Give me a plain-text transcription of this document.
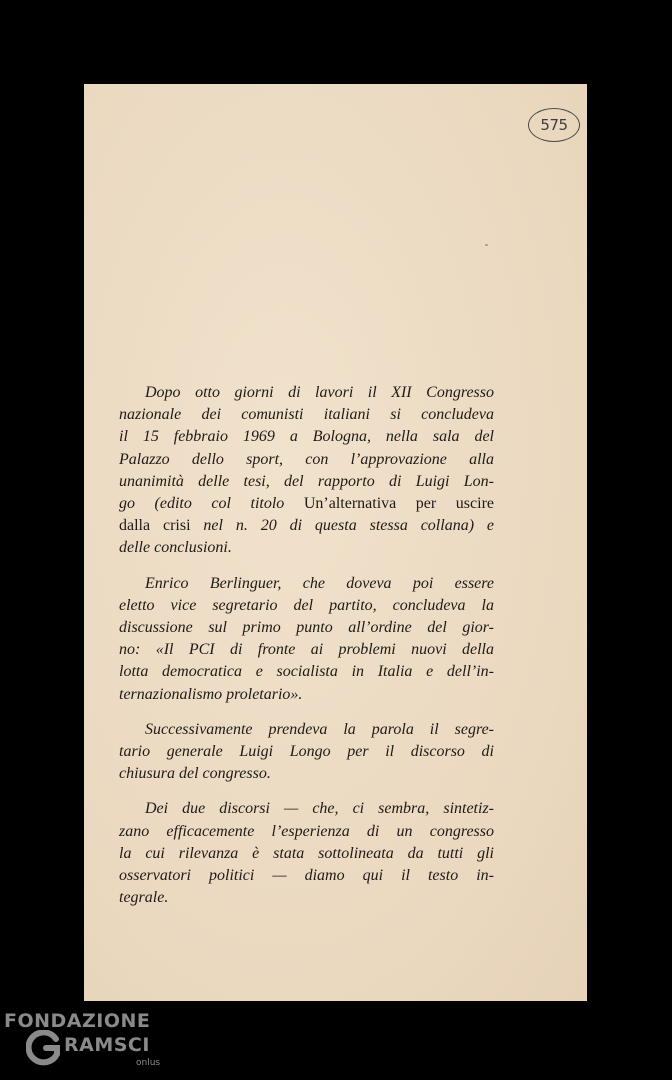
575

Dopo otto giorni di lavori il XII Congresso
nazionale dei comunisti italiani si concludeva
il 15 febbraio 1969 a Bologna, nella sala del
Palazzo dello sport, con l’approvazione alla
unanimità delle tesi, del rapporto di Luigi Lon-
go (edito col titolo Un’alternativa per uscire
dalla crisi nel n. 20 di questa stessa collana) e
delle conclusioni.

Enrico Berlinguer, che doveva poi essere
eletto vice segretario del partito, concludeva la
discussione sul primo punto all’ordine del gior-
no: «Il PCI di fronte ai problemi nuovi della
lotta democratica e socialista in Italia e dell’in-
ternazionalismo proletario».

Successivamente prendeva la parola il segre-
tario generale Luigi Longo per il discorso di
chiusura del congresso.

Dei due discorsi — che, ci sembra, sintetiz-
zano efficacemente l’esperienza di un congresso
la cui rilevanza è stata sottolineata da tutti gli
osservatori politici — diamo qui il testo in-
tegrale.

FONDAZIONE
RAMSCI
onlus
